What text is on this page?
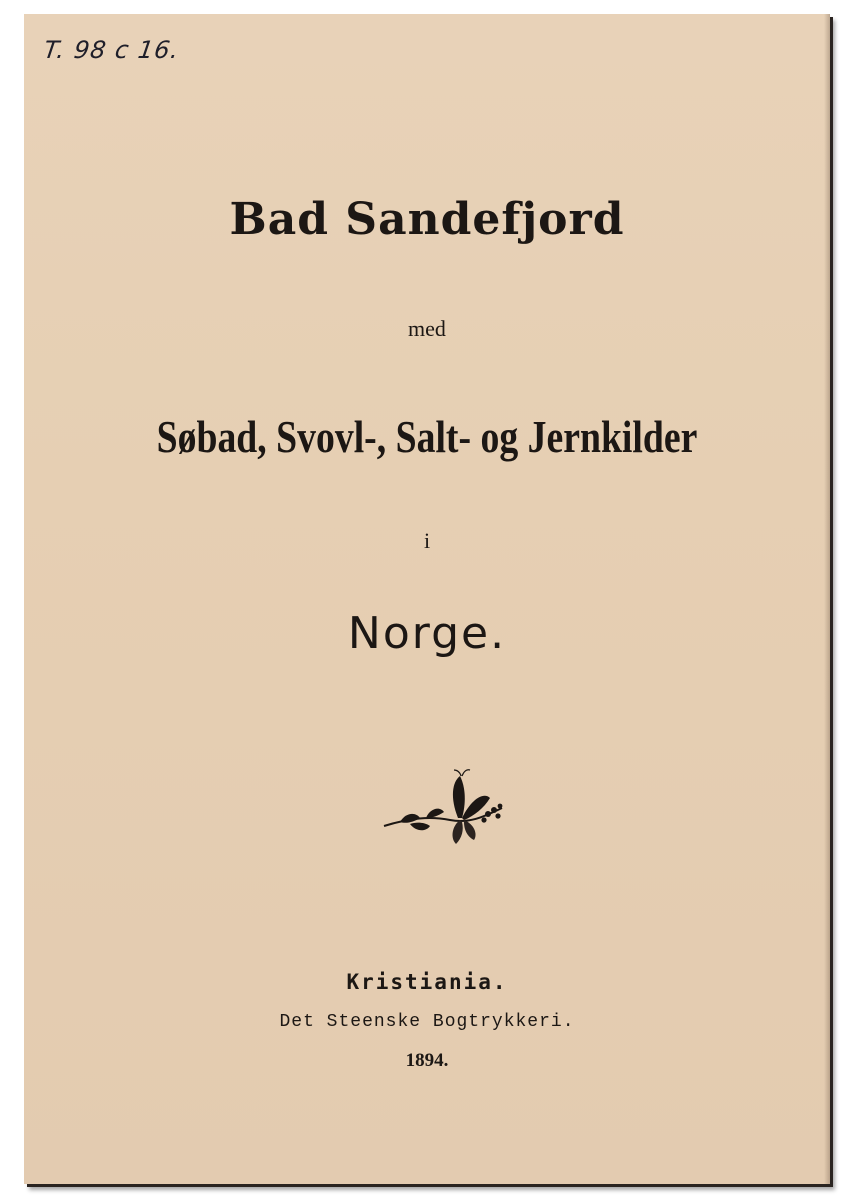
T. 98 c 16.
Bad Sandefjord
med
Søbad, Svovl-, Salt- og Jernkilder
i
Norge.
Kristiania.
Det Steenske Bogtrykkeri.
1894.
